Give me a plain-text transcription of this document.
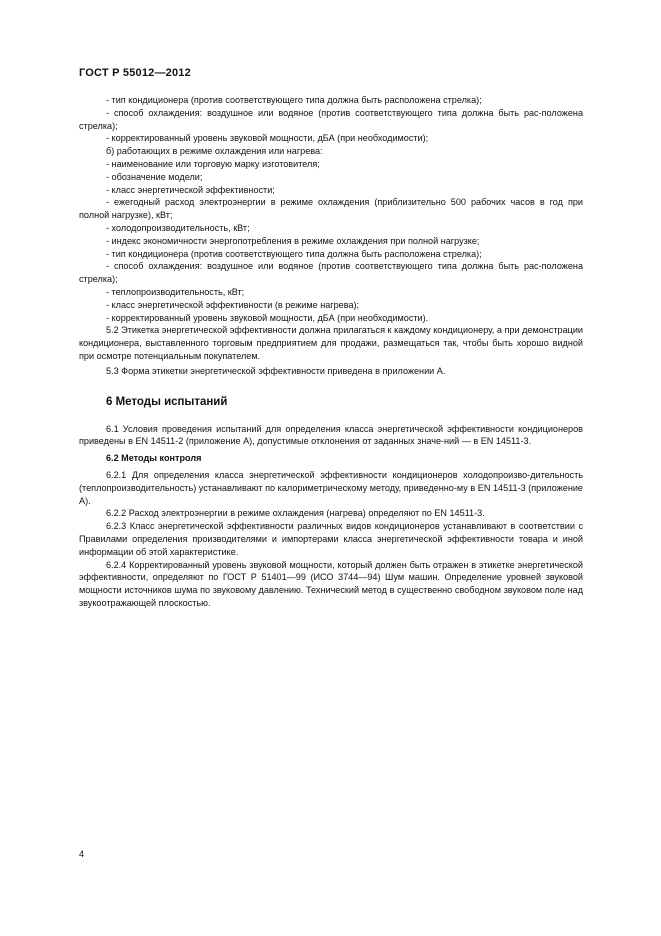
ГОСТ Р 55012—2012

- тип кондиционера (против соответствующего типа должна быть расположена стрелка);

- способ охлаждения: воздушное или водяное (против соответствующего типа должна быть рас-положена стрелка);

- корректированный уровень звуковой мощности, дБА (при необходимости);

б) работающих в режиме охлаждения или нагрева:

- наименование или торговую марку изготовителя;

- обозначение модели;

- класс энергетической эффективности;

- ежегодный расход электроэнергии в режиме охлаждения (приблизительно 500 рабочих часов в год при полной нагрузке), кВт;

- холодопроизводительность, кВт;

- индекс экономичности энергопотребления в режиме охлаждения при полной нагрузке;

- тип кондиционера (против соответствующего типа должна быть расположена стрелка);

- способ охлаждения: воздушное или водяное (против соответствующего типа должна быть рас-положена стрелка);

- теплопроизводительность, кВт;

- класс энергетической эффективности (в режиме нагрева);

- корректированный уровень звуковой мощности, дБА (при необходимости).

5.2 Этикетка энергетической эффективности должна прилагаться к каждому кондиционеру, а при демонстрации кондиционера, выставленного торговым предприятием для продажи, размещаться так, чтобы быть хорошо видной при осмотре потенциальным покупателем.

5.3 Форма этикетки энергетической эффективности приведена в приложении А.

6 Методы испытаний

6.1 Условия проведения испытаний для определения класса энергетической эффективности кондиционеров приведены в EN 14511-2 (приложение А), допустимые отклонения от заданных значе-ний — в EN 14511-3.

6.2 Методы контроля

6.2.1 Для определения класса энергетической эффективности кондиционеров холодопроизво-дительность (теплопроизводительность) устанавливают по калориметрическому методу, приведенно-му в EN 14511-3 (приложение А).

6.2.2 Расход электроэнергии в режиме охлаждения (нагрева) определяют по EN 14511-3.

6.2.3 Класс энергетической эффективности различных видов кондиционеров устанавливают в соответствии с Правилами определения производителями и импортерами класса энергетической эффективности товара и иной информации об этой характеристике.

6.2.4 Корректированный уровень звуковой мощности, который должен быть отражен в этикетке энергетической эффективности, определяют по ГОСТ Р 51401—99 (ИСО 3744—94) Шум машин. Определение уровней звуковой мощности источников шума по звуковому давлению. Технический метод в существенно свободном звуковом поле над звукоотражающей плоскостью.

4
